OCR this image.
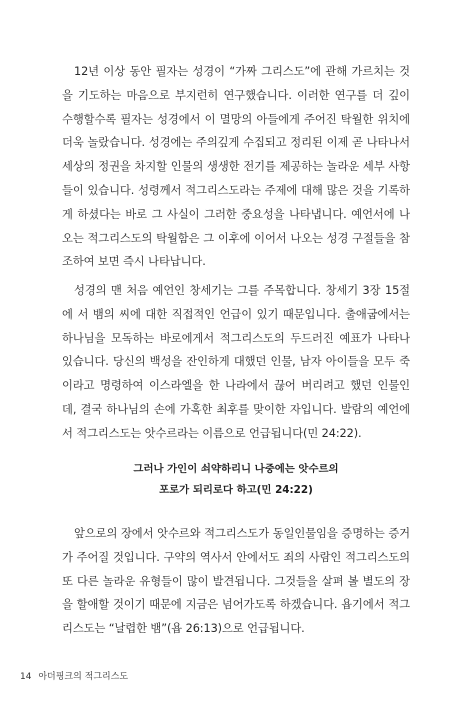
12년 이상 동안 필자는 성경이 “가짜 그리스도”에 관해 가르치는 것을 기도하는 마음으로 부지런히 연구했습니다. 이러한 연구를 더 깊이 수행할수록 필자는 성경에서 이 멸망의 아들에게 주어진 탁월한 위치에 더욱 놀랐습니다. 성경에는 주의깊게 수집되고 정리된 이제 곧 나타나서 세상의 정권을 차지할 인물의 생생한 전기를 제공하는 놀라운 세부 사항들이 있습니다. 성령께서 적그리스도라는 주제에 대해 많은 것을 기록하게 하셨다는 바로 그 사실이 그러한 중요성을 나타냅니다. 예언서에 나오는 적그리스도의 탁월함은 그 이후에 이어서 나오는 성경 구절들을 참조하여 보면 즉시 나타납니다.

성경의 맨 처음 예언인 창세기는 그를 주목합니다. 창세기 3장 15절에 서 뱀의 씨에 대한 직접적인 언급이 있기 때문입니다. 출애굽에서는 하나님을 모독하는 바로에게서 적그리스도의 두드러진 예표가 나타나 있습니다. 당신의 백성을 잔인하게 대했던 인물, 남자 아이들을 모두 죽이라고 명령하여 이스라엘을 한 나라에서 끊어 버리려고 했던 인물인 데, 결국 하나님의 손에 가혹한 최후를 맞이한 자입니다. 발람의 예언에서 적그리스도는 앗수르라는 이름으로 언급됩니다(민 24:22).

그러나 가인이 쇠약하리니 나중에는 앗수르의
포로가 되리로다 하고(민 24:22)

앞으로의 장에서 앗수르와 적그리스도가 동일인물임을 증명하는 증거가 주어질 것입니다. 구약의 역사서 안에서도 죄의 사람인 적그리스도의 또 다른 놀라운 유형들이 많이 발견됩니다. 그것들을 살펴 볼 별도의 장을 할애할 것이기 때문에 지금은 넘어가도록 하겠습니다. 욥기에서 적그리스도는 “날렵한 뱀”(욥 26:13)으로 언급됩니다.

14 아더핑크의 적그리스도
